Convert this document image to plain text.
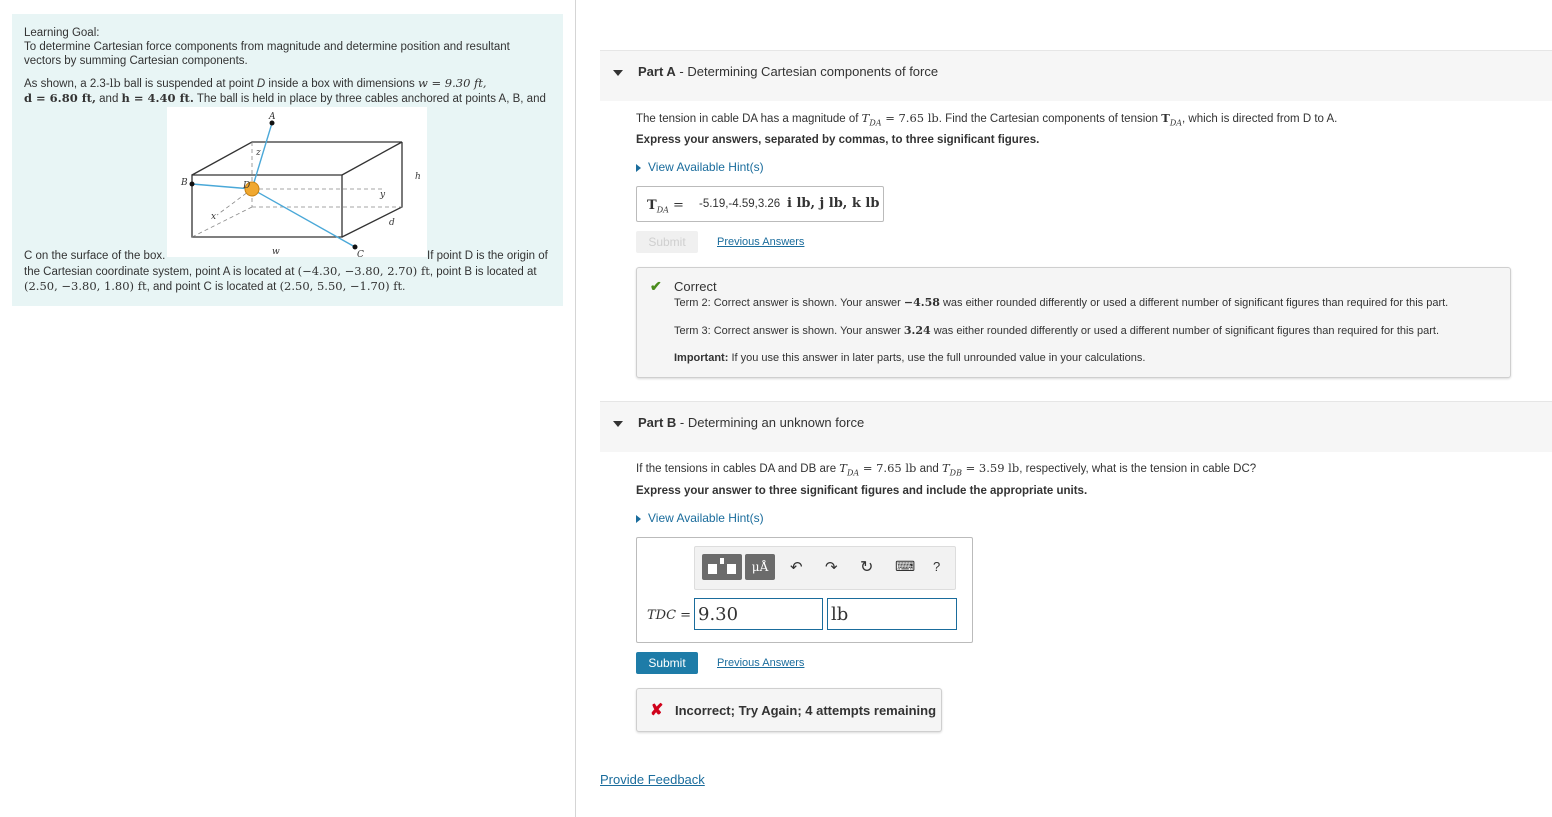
Learning Goal:
To determine Cartesian force components from magnitude and determine position and resultant vectors by summing Cartesian components.
As shown, a 2.3-lb ball is suspended at point D inside a box with dimensions w = 9.30 ft,
d = 6.80 ft, and h = 4.40 ft. The ball is held in place by three cables anchored at points A, B, and
A
B
C
D
z
y
x
h
d
w
C on the surface of the box.	If point D is the origin of
the Cartesian coordinate system, point A is located at (−4.30, −3.80, 2.70) ft, point B is located at
(2.50, −3.80, 1.80) ft, and point C is located at (2.50, 5.50, −1.70) ft.
Part A - Determining Cartesian components of force
The tension in cable DA has a magnitude of $T_{DA} = 7.65$ lb. Find the Cartesian components of tension $T_{DA}$, which is directed from D to A.
Express your answers, separated by commas, to three significant figures.
View Available Hint(s)
$T_{DA} = -5.19,-4.59,3.26$ i lb, j lb, k lb
Submit	Previous Answers
✔ Correct
Term 2: Correct answer is shown. Your answer −4.58 was either rounded differently or used a different number of significant figures than required for this part.
Term 3: Correct answer is shown. Your answer 3.24 was either rounded differently or used a different number of significant figures than required for this part.
Important: If you use this answer in later parts, use the full unrounded value in your calculations.
Part B - Determining an unknown force
If the tensions in cables DA and DB are $T_{DA} = 7.65$ lb and $T_{DB} = 3.59$ lb, respectively, what is the tension in cable DC?
Express your answer to three significant figures and include the appropriate units.
View Available Hint(s)
μÅ	↶ ↷ ↻ ⌨ ?
TDC = 9.30	lb
Submit	Previous Answers
✘ Incorrect; Try Again; 4 attempts remaining
Provide Feedback
